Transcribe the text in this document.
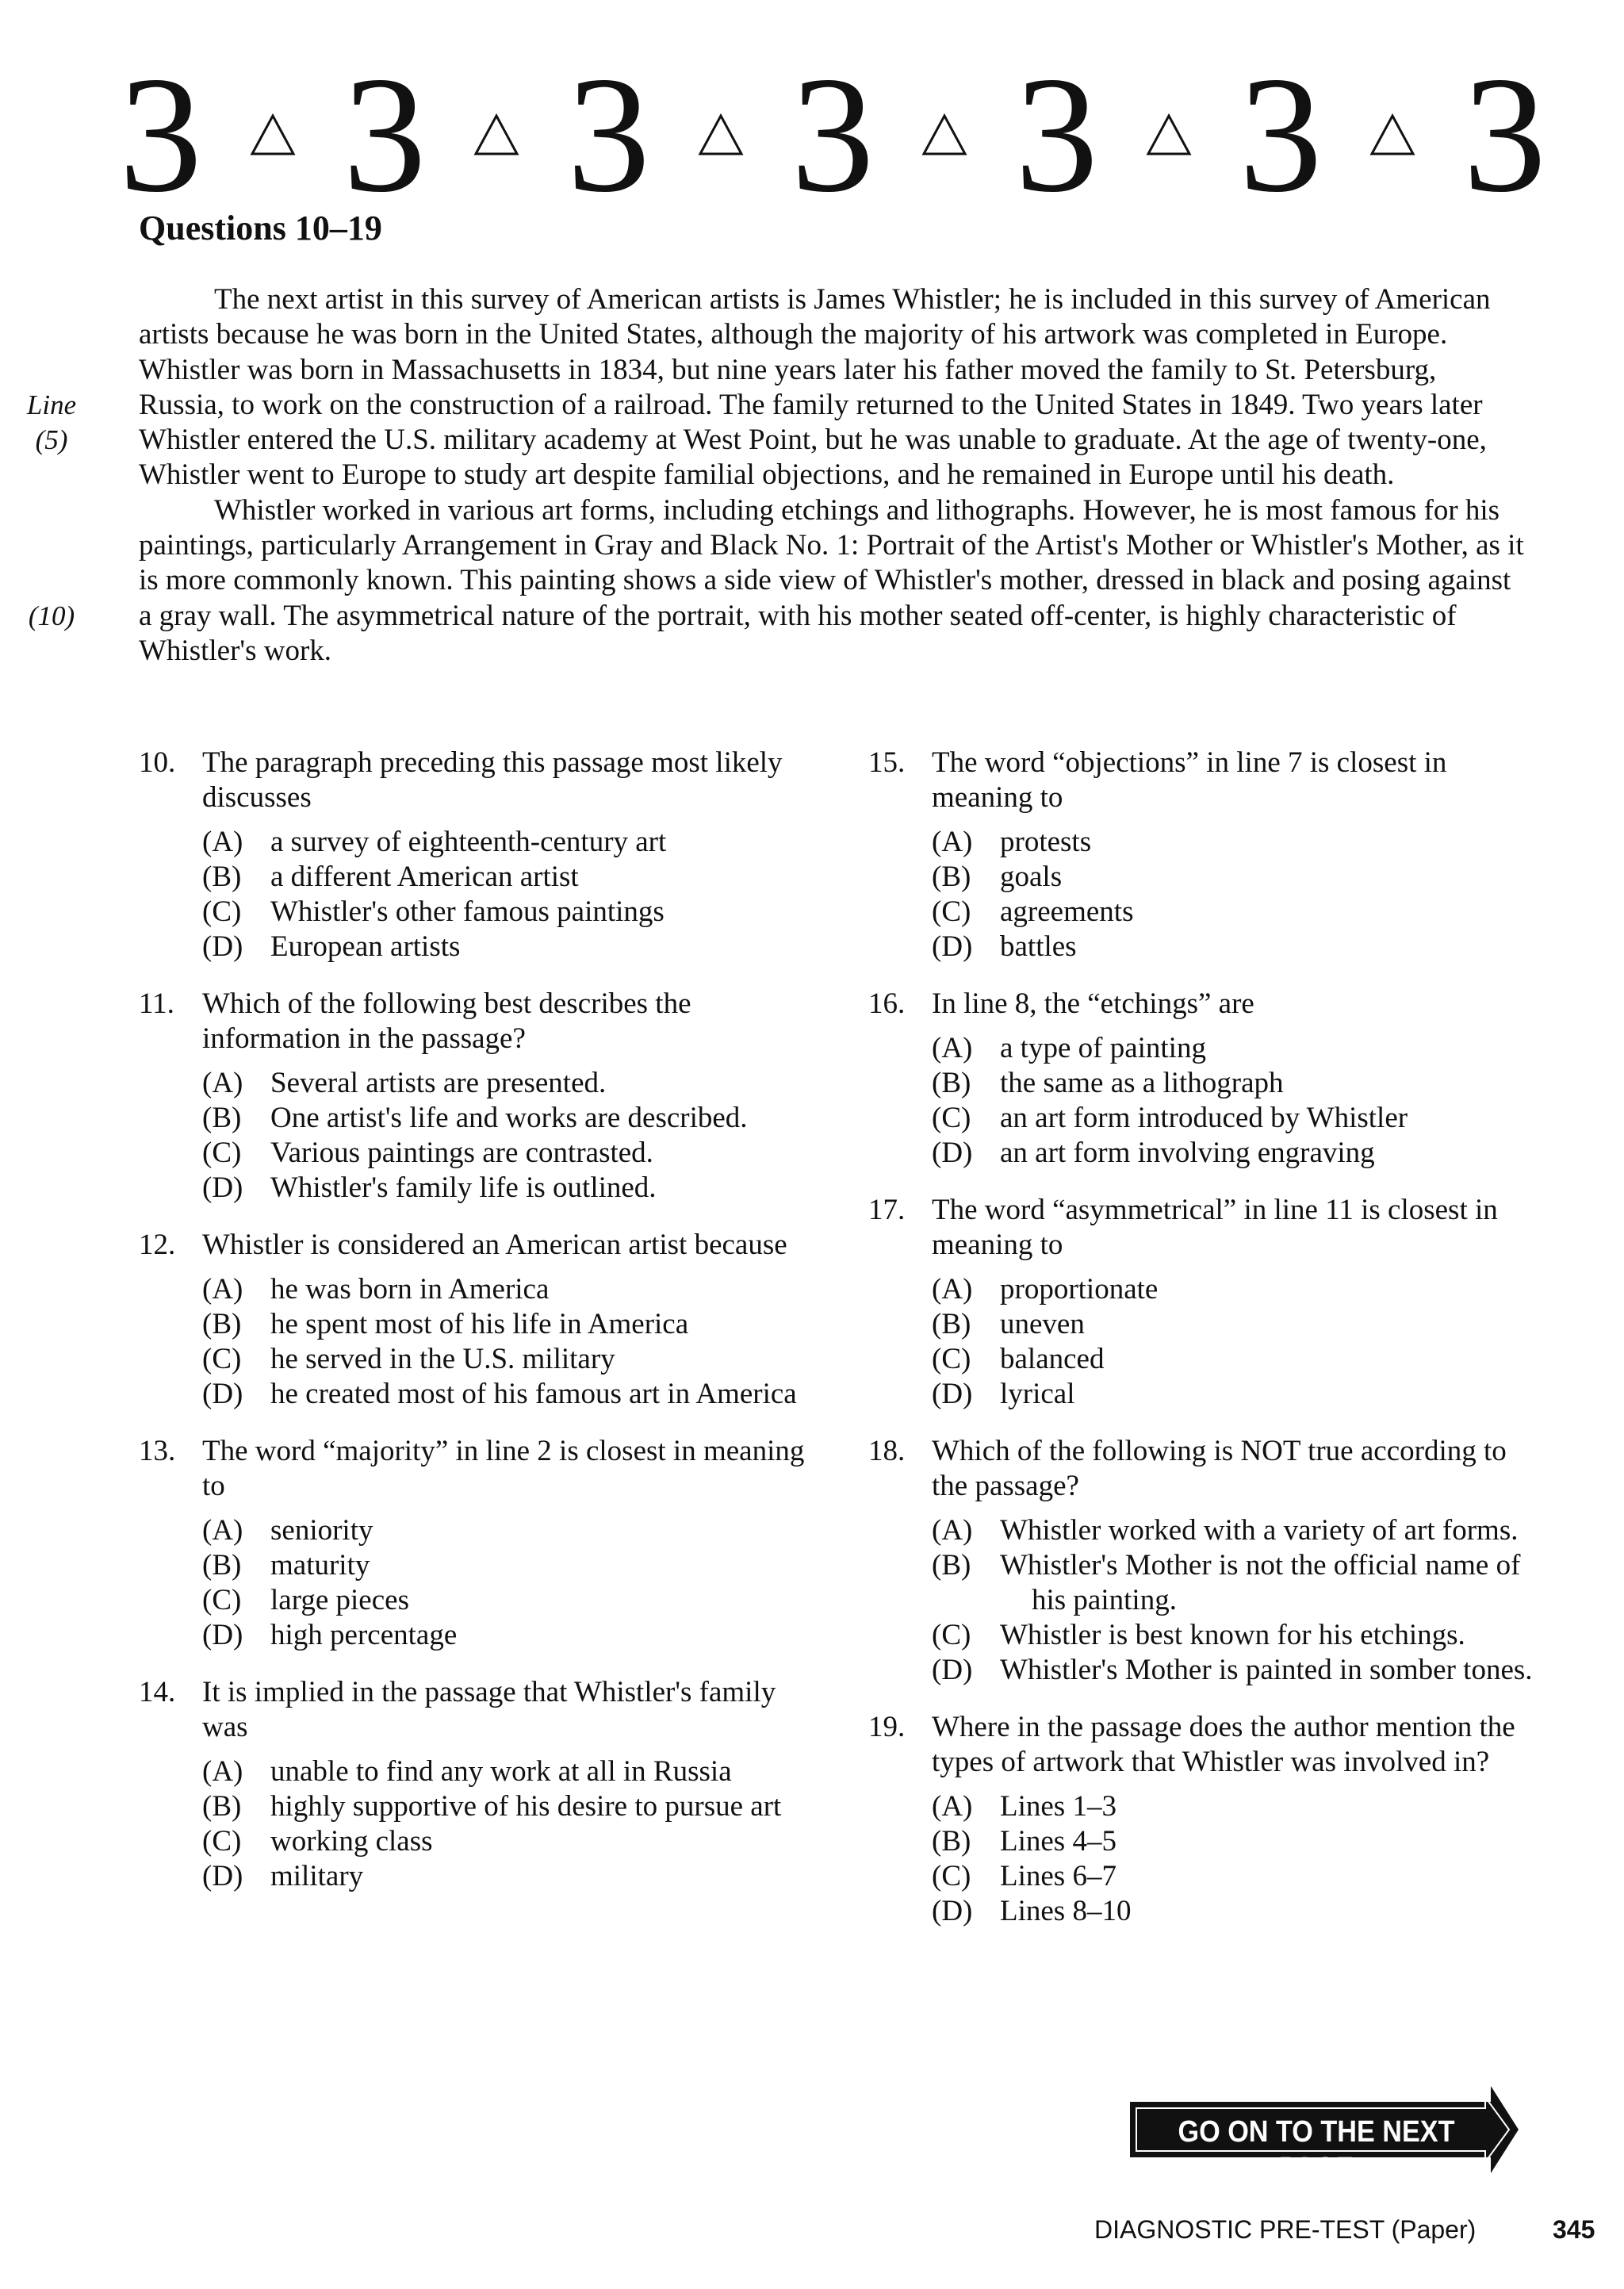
3 3 3 3 3 3 3
Questions 10–19
Line
(5)
(10)

The next artist in this survey of American artists is James Whistler; he is included in this survey of American artists because he was born in the United States, although the majority of his artwork was completed in Europe. Whistler was born in Massachusetts in 1834, but nine years later his father moved the family to St. Petersburg, Russia, to work on the construction of a railroad. The family returned to the United States in 1849. Two years later Whistler entered the U.S. military academy at West Point, but he was unable to graduate. At the age of twenty-one, Whistler went to Europe to study art despite familial objections, and he remained in Europe until his death.

Whistler worked in various art forms, including etchings and lithographs. However, he is most famous for his paintings, particularly Arrangement in Gray and Black No. 1: Portrait of the Artist's Mother or Whistler's Mother, as it is more commonly known. This painting shows a side view of Whistler's mother, dressed in black and posing against a gray wall. The asymmetrical nature of the portrait, with his mother seated off-center, is highly characteristic of Whistler's work.

10. The paragraph preceding this passage most likely discusses
(A) a survey of eighteenth-century art
(B) a different American artist
(C) Whistler's other famous paintings
(D) European artists
11. Which of the following best describes the information in the passage?
(A) Several artists are presented.
(B) One artist's life and works are described.
(C) Various paintings are contrasted.
(D) Whistler's family life is outlined.
12. Whistler is considered an American artist because
(A) he was born in America
(B) he spent most of his life in America
(C) he served in the U.S. military
(D) he created most of his famous art in America
13. The word “majority” in line 2 is closest in meaning to
(A) seniority
(B) maturity
(C) large pieces
(D) high percentage
14. It is implied in the passage that Whistler's family was
(A) unable to find any work at all in Russia
(B) highly supportive of his desire to pursue art
(C) working class
(D) military
15. The word “objections” in line 7 is closest in meaning to
(A) protests
(B) goals
(C) agreements
(D) battles
16. In line 8, the “etchings” are
(A) a type of painting
(B) the same as a lithograph
(C) an art form introduced by Whistler
(D) an art form involving engraving
17. The word “asymmetrical” in line 11 is closest in meaning to
(A) proportionate
(B) uneven
(C) balanced
(D) lyrical
18. Which of the following is NOT true according to the passage?
(A) Whistler worked with a variety of art forms.
(B) Whistler's Mother is not the official name of his painting.
(C) Whistler is best known for his etchings.
(D) Whistler's Mother is painted in somber tones.
19. Where in the passage does the author mention the types of artwork that Whistler was involved in?
(A) Lines 1–3
(B) Lines 4–5
(C) Lines 6–7
(D) Lines 8–10
GO ON TO THE NEXT PAGE
DIAGNOSTIC PRE-TEST (Paper)	345
